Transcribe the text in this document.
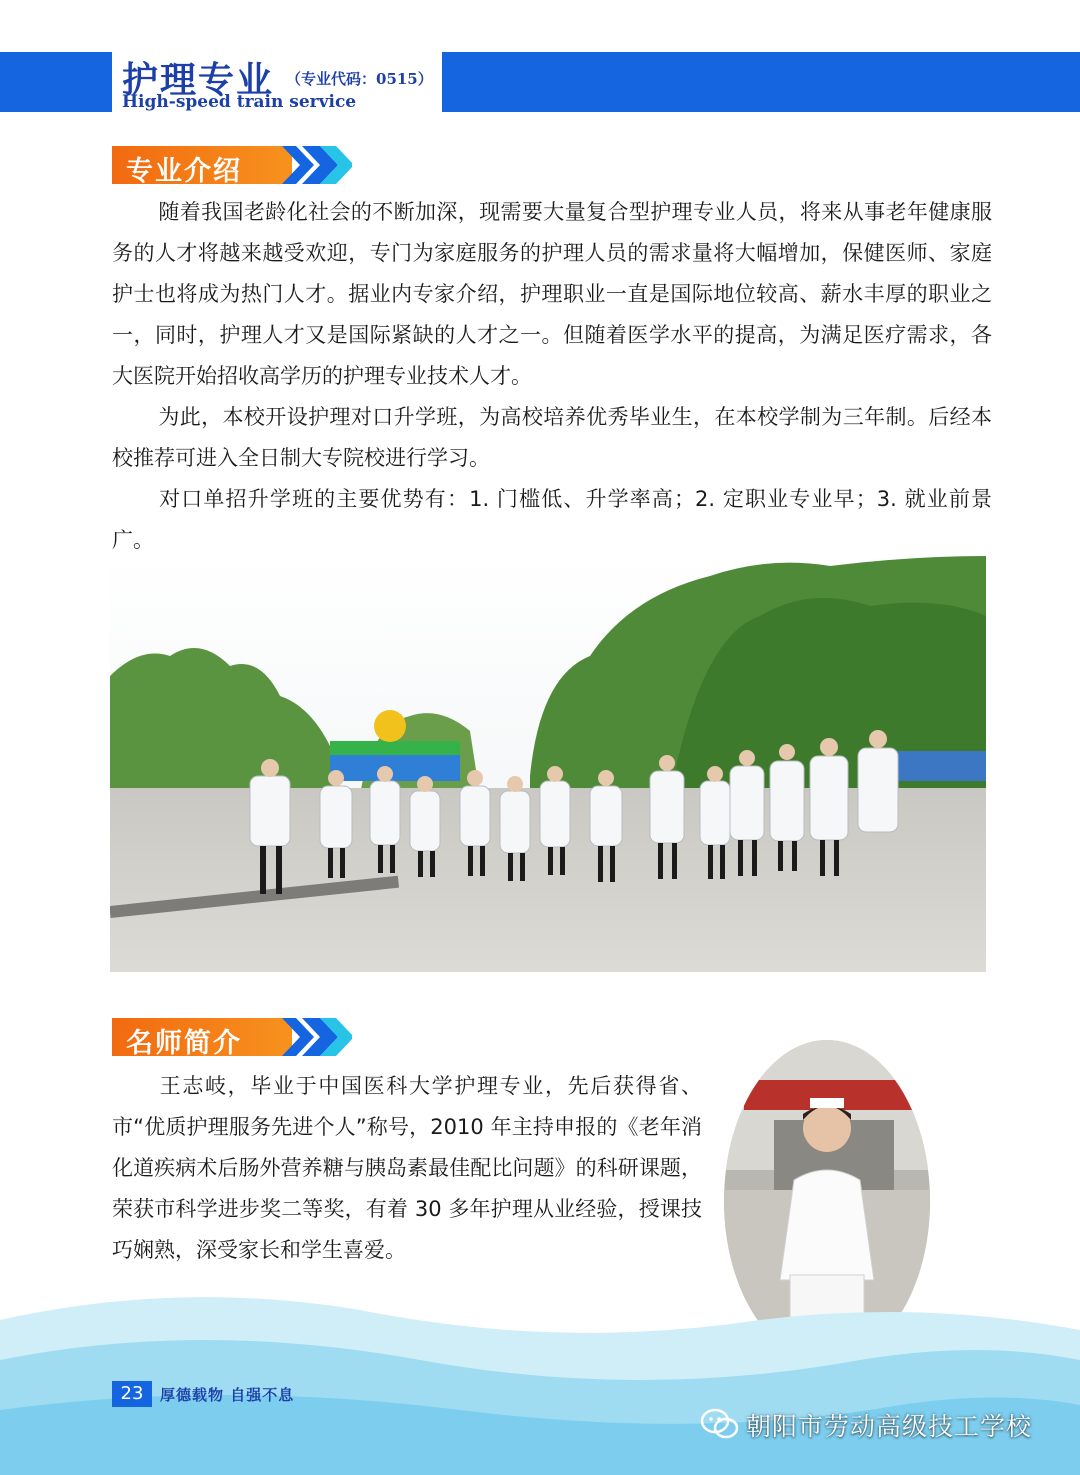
护理专业 （专业代码：0515）
High-speed train service
专业介绍

随着我国老龄化社会的不断加深，现需要大量复合型护理专业人员，将来从事老年健康服务的人才将越来越受欢迎，专门为家庭服务的护理人员的需求量将大幅增加，保健医师、家庭护士也将成为热门人才。据业内专家介绍，护理职业一直是国际地位较高、薪水丰厚的职业之一，同时，护理人才又是国际紧缺的人才之一。但随着医学水平的提高，为满足医疗需求，各大医院开始招收高学历的护理专业技术人才。

为此，本校开设护理对口升学班，为高校培养优秀毕业生，在本校学制为三年制。后经本校推荐可进入全日制大专院校进行学习。

对口单招升学班的主要优势有：1. 门槛低、升学率高；2. 定职业专业早；3. 就业前景广。

名师简介

王志岐，毕业于中国医科大学护理专业，先后获得省、市“优质护理服务先进个人”称号，2010 年主持申报的《老年消化道疾病术后肠外营养糖与胰岛素最佳配比问题》的科研课题，荣获市科学进步奖二等奖，有着 30 多年护理从业经验，授课技巧娴熟，深受家长和学生喜爱。

23	厚德载物 自强不息
朝阳市劳动高级技工学校
